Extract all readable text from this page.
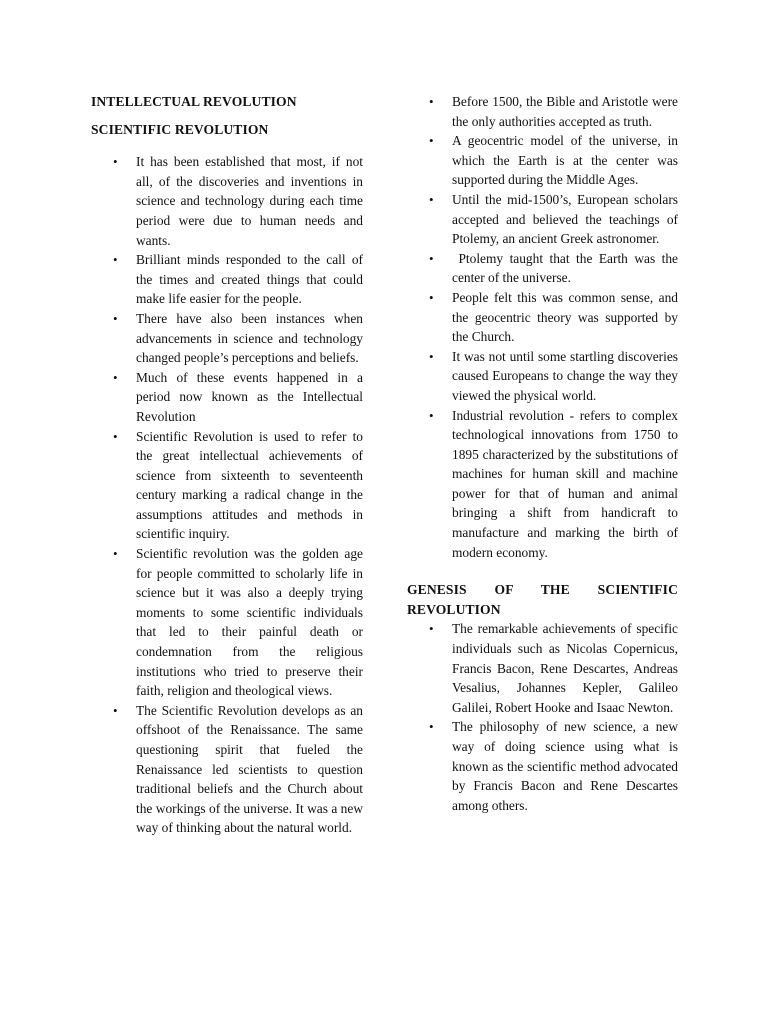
INTELLECTUAL REVOLUTION

SCIENTIFIC REVOLUTION

• It has been established that most, if not all, of the discoveries and inventions in science and technology during each time period were due to human needs and wants.
• Brilliant minds responded to the call of the times and created things that could make life easier for the people.
• There have also been instances when advancements in science and technology changed people’s perceptions and beliefs.
• Much of these events happened in a period now known as the Intellectual Revolution
• Scientific Revolution is used to refer to the great intellectual achievements of science from sixteenth to seventeenth century marking a radical change in the assumptions attitudes and methods in scientific inquiry.
• Scientific revolution was the golden age for people committed to scholarly life in science but it was also a deeply trying moments to some scientific individuals that led to their painful death or condemnation from the religious institutions who tried to preserve their faith, religion and theological views.
• The Scientific Revolution develops as an offshoot of the Renaissance. The same questioning spirit that fueled the Renaissance led scientists to question traditional beliefs and the Church about the workings of the universe. It was a new way of thinking about the natural world.
• Before 1500, the Bible and Aristotle were the only authorities accepted as truth.
• A geocentric model of the universe, in which the Earth is at the center was supported during the Middle Ages.
• Until the mid-1500’s, European scholars accepted and believed the teachings of Ptolemy, an ancient Greek astronomer.
• Ptolemy taught that the Earth was the center of the universe.
• People felt this was common sense, and the geocentric theory was supported by the Church.
• It was not until some startling discoveries caused Europeans to change the way they viewed the physical world.
• Industrial revolution - refers to complex technological innovations from 1750 to 1895 characterized by the substitutions of machines for human skill and machine power for that of human and animal bringing a shift from handicraft to manufacture and marking the birth of modern economy.

GENESIS OF THE SCIENTIFIC REVOLUTION

• The remarkable achievements of specific individuals such as Nicolas Copernicus, Francis Bacon, Rene Descartes, Andreas Vesalius, Johannes Kepler, Galileo Galilei, Robert Hooke and Isaac Newton.
• The philosophy of new science, a new way of doing science using what is known as the scientific method advocated by Francis Bacon and Rene Descartes among others.
